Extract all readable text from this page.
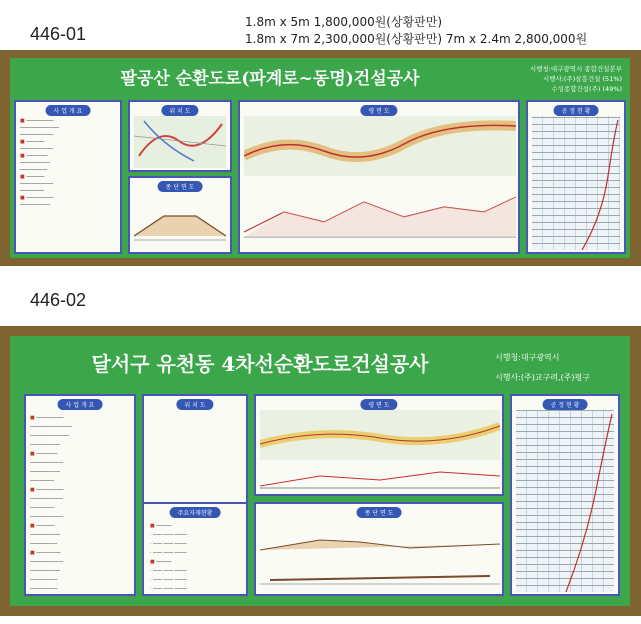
446-01
1.8m x 5m 1,800,000원(상황판만)
1.8m x 7m 2,300,000원(상황판만) 7m x 2.4m 2,800,000원
팔공산 순환도로(파계로~동명)건설공사	시행청:대구광역시 종합건설본부
시행사:(주)삼흥건설 (51%)
수성종합건설(주) (49%)
사 업 개 요
■ ─────────
─────────────
───────────
■ ──────
───────────
■ ───────
──────────
─────────
■ ──────
───────────
────────
■ ─────────
──────────
위 치 도
종 단 면 도
평 면 도	공 정 현 황
446-02
달서구 유천동 4차선순환도로건설공사	시행청:대구광역시
시행사:(주)교구려,(주)평구
사 업 개 요
■ ─────────
──────────────
─────────────
──────────
■ ───────
───────────
──────────
────────
■ ─────────
───────────
────────
───────────
■ ──────
──────────
─────────
■ ────────
───────────
──────────
─────────
─────────
위 치 도
주요자재현황
■ ─────
· ─── ─── ────
· ─── ─── ────
· ─── ─── ────
■ ─────
· ─── ─── ────
· ─── ─── ────
· ─── ─── ────
평 면 도
종 단 면 도
공 정 현 황
